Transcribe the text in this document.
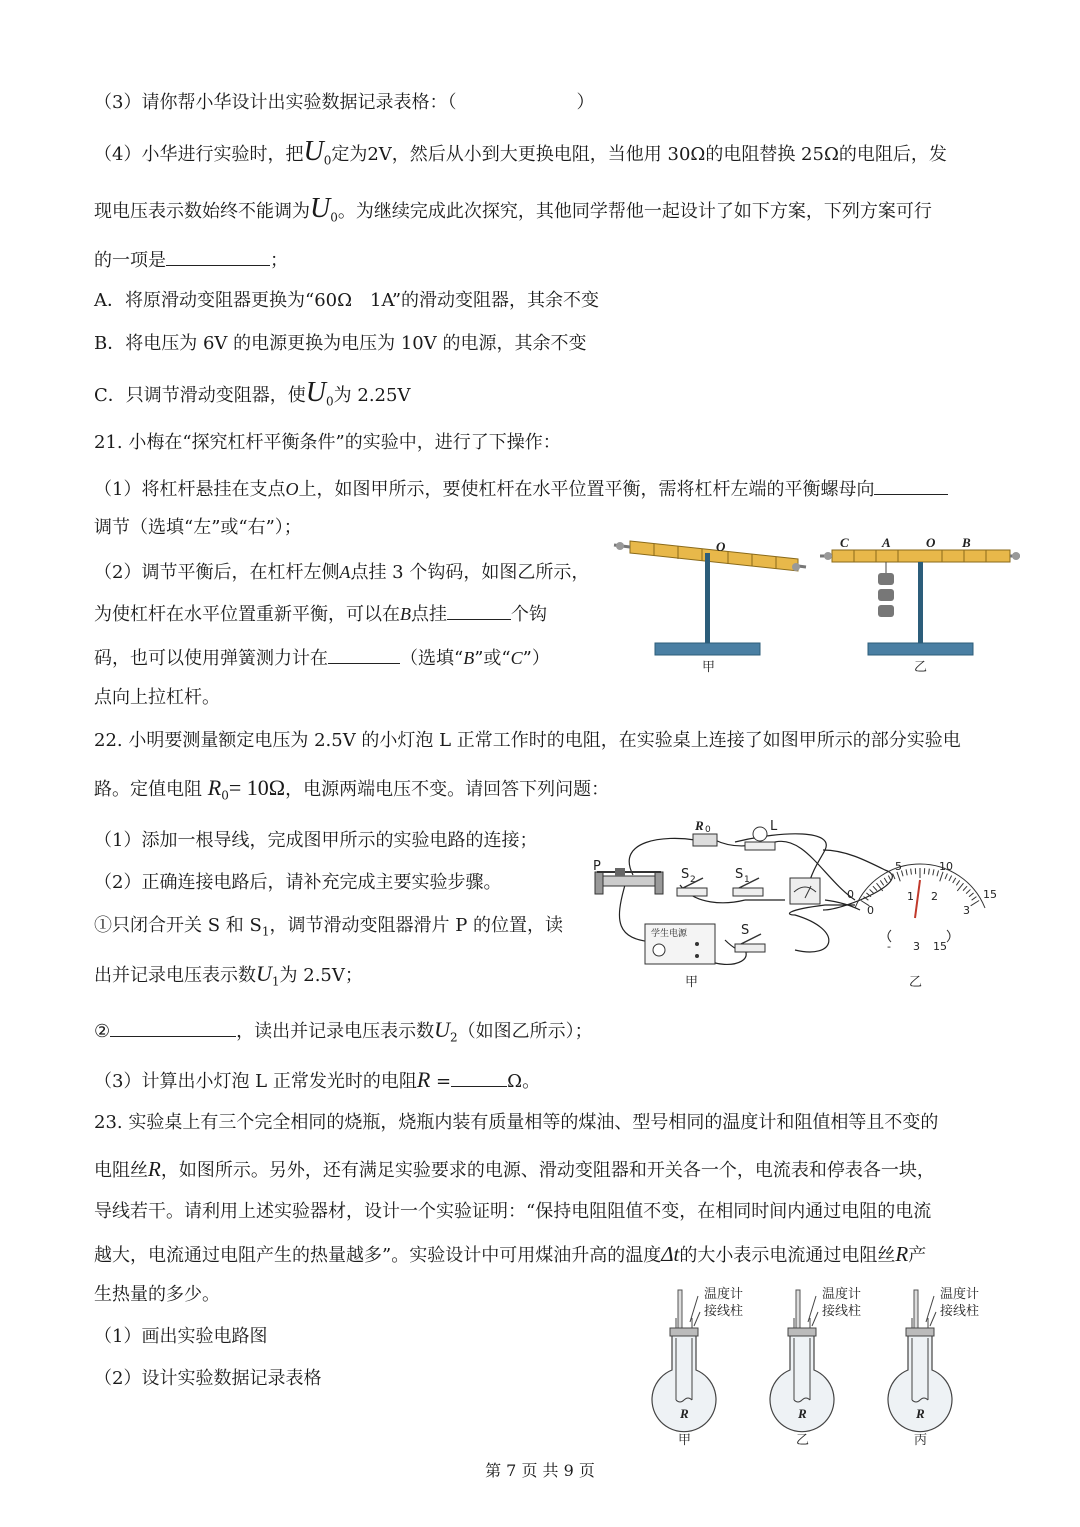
（3）请你帮小华设计出实验数据记录表格：（	）
（4）小华进行实验时，把$U_0$定为2V，然后从小到大更换电阻，当他用 30Ω的电阻替换 25Ω的电阻后，发
现电压表示数始终不能调为$U_0$。为继续完成此次探究，其他同学帮他一起设计了如下方案，下列方案可行
的一项是	；
A．将原滑动变阻器更换为“60Ω　1A”的滑动变阻器，其余不变
B．将电压为 6V 的电源更换为电压为 10V 的电源，其余不变
C．只调节滑动变阻器，使$U_0$为 2.25V
21. 小梅在“探究杠杆平衡条件”的实验中，进行了下操作：
（1）将杠杆悬挂在支点O上，如图甲所示，要使杠杆在水平位置平衡，需将杠杆左端的平衡螺母向
调节（选填“左”或“右”）；
（2）调节平衡后，在杠杆左侧A点挂 3 个钩码，如图乙所示，
为使杠杆在水平位置重新平衡，可以在B点挂	个钩
码，也可以使用弹簧测力计在	（选填“B”或“C”）
点向上拉杠杆。
O	C	A	O B
甲	乙
22. 小明要测量额定电压为 2.5V 的小灯泡 L 正常工作时的电阻，在实验桌上连接了如图甲所示的部分实验电
路。定值电阻 $R_0= 10\Omega$，电源两端电压不变。请回答下列问题：
（1）添加一根导线，完成图甲所示的实验电路的连接；
（2）正确连接电路后，请补充完成主要实验步骤。
①只闭合开关 S 和 $S_1$，调节滑动变阻器滑片 P 的位置，读
出并记录电压表示数$U_1$为 2.5V；
②	，读出并记录电压表示数$U_2$（如图乙所示）；
（3）计算出小灯泡 L 正常发光时的电阻R =	Ω。
P
R 0	L
S 2	S 1
学生电源	S
5	10
0	15
0
1 2
3
- 3 15
甲	乙
23. 实验桌上有三个完全相同的烧瓶，烧瓶内装有质量相等的煤油、型号相同的温度计和阻值相等且不变的
电阻丝R，如图所示。另外，还有满足实验要求的电源、滑动变阻器和开关各一个，电流表和停表各一块，
导线若干。请利用上述实验器材，设计一个实验证明：“保持电阻阻值不变，在相同时间内通过电阻的电流
越大，电流通过电阻产生的热量越多”。实验设计中可用煤油升高的温度Δt的大小表示电流通过电阻丝R产
生热量的多少。
（1）画出实验电路图
（2）设计实验数据记录表格
温度计
接线柱
R
甲
温度计
接线柱
R
乙
温度计
接线柱
R
丙
第 7 页 共 9 页
